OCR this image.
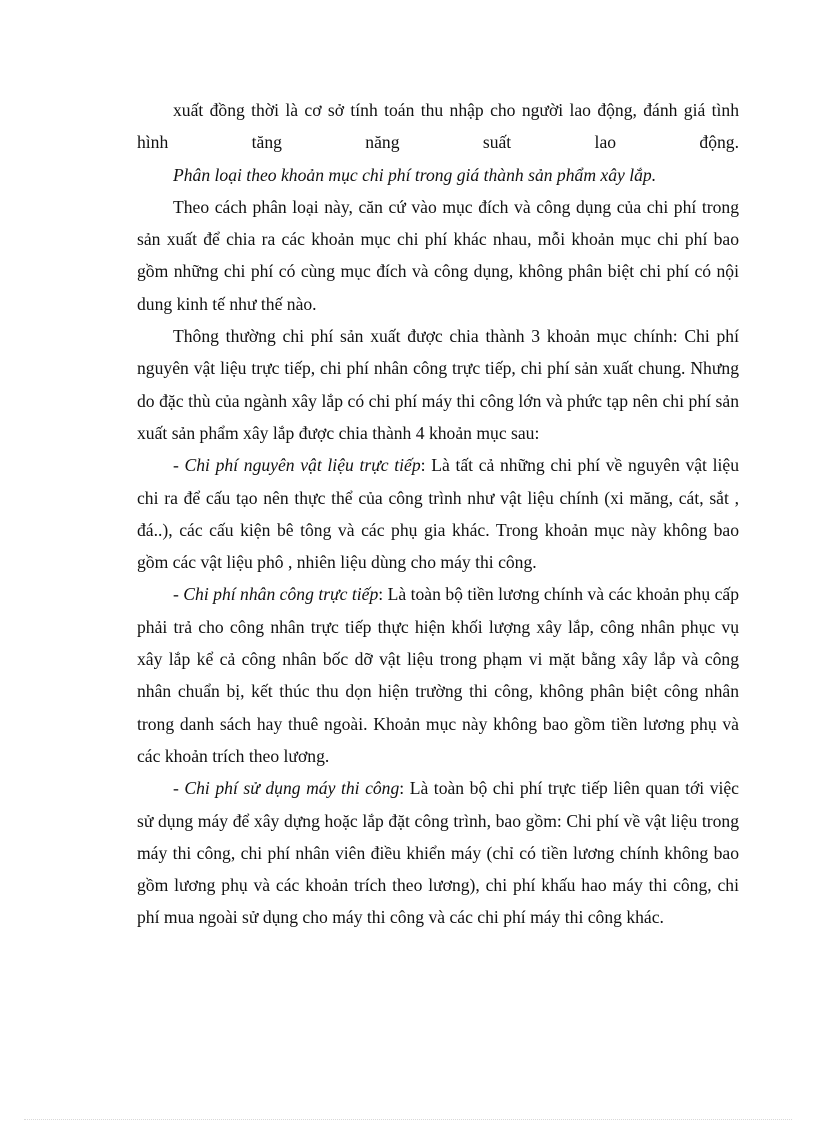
xuất đồng thời là cơ sở tính toán thu nhập cho người lao động, đánh giá tình hình tăng năng suất lao động.

Phân loại theo khoản mục chi phí trong giá thành sản phẩm xây lắp.

Theo cách phân loại này, căn cứ vào mục đích và công dụng của chi phí trong sản xuất để chia ra các khoản mục chi phí khác nhau, mỗi khoản mục chi phí bao gồm những chi phí có cùng mục đích và công dụng, không phân biệt chi phí có nội dung kinh tế như thế nào.

Thông thường chi phí sản xuất được chia thành 3 khoản mục chính: Chi phí nguyên vật liệu trực tiếp, chi phí nhân công trực tiếp, chi phí sản xuất chung. Nhưng do đặc thù của ngành xây lắp có chi phí máy thi công lớn và phức tạp nên chi phí sản xuất sản phẩm xây lắp được chia thành 4 khoản mục sau:

- Chi phí nguyên vật liệu trực tiếp: Là tất cả những chi phí về nguyên vật liệu chi ra để cấu tạo nên thực thể của công trình như vật liệu chính (xi măng, cát, sắt , đá..), các cấu kiện bê tông và các phụ gia khác. Trong khoản mục này không bao gồm các vật liệu phô , nhiên liệu dùng cho máy thi công.

- Chi phí nhân công trực tiếp: Là toàn bộ tiền lương chính và các khoản phụ cấp phải trả cho công nhân trực tiếp thực hiện khối lượng xây lắp, công nhân phục vụ xây lắp kể cả công nhân bốc dỡ vật liệu trong phạm vi mặt bằng xây lắp và công nhân chuẩn bị, kết thúc thu dọn hiện trường thi công, không phân biệt công nhân trong danh sách hay thuê ngoài. Khoản mục này không bao gồm tiền lương phụ và các khoản trích theo lương.

- Chi phí sử dụng máy thi công: Là toàn bộ chi phí trực tiếp liên quan tới việc sử dụng máy để xây dựng hoặc lắp đặt công trình, bao gồm: Chi phí về vật liệu trong máy thi công, chi phí nhân viên điều khiển máy (chỉ có tiền lương chính không bao gồm lương phụ và các khoản trích theo lương), chi phí khấu hao máy thi công, chi phí mua ngoài sử dụng cho máy thi công và các chi phí máy thi công khác.
